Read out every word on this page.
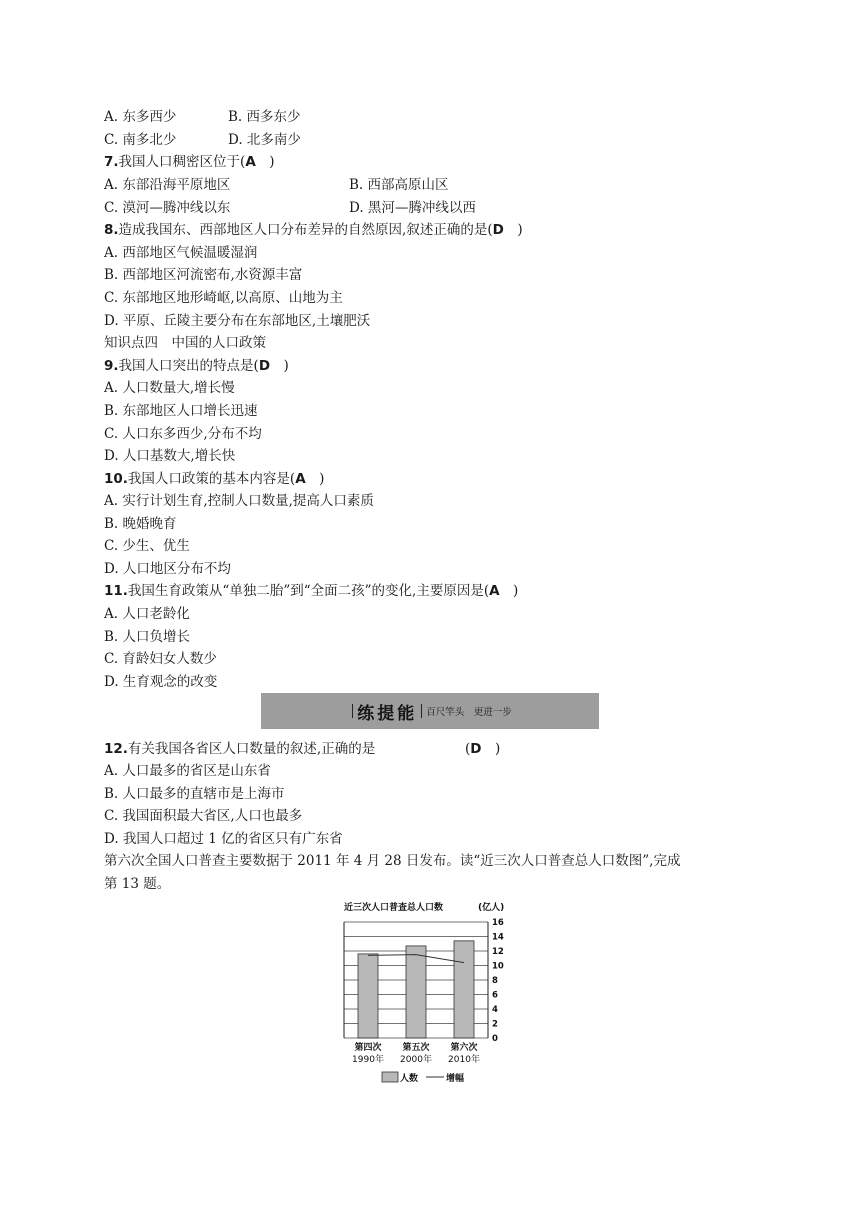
A. 东多西少	B. 西多东少
C. 南多北少	D. 北多南少
7.我国人口稠密区位于(A　 )
A. 东部沿海平原地区	B. 西部高原山区
C. 漠河—腾冲线以东	D. 黑河—腾冲线以西
8.造成我国东、西部地区人口分布差异的自然原因,叙述正确的是(D　 )
A. 西部地区气候温暖湿润
B. 西部地区河流密布,水资源丰富
C. 东部地区地形崎岖,以高原、山地为主
D. 平原、丘陵主要分布在东部地区,土壤肥沃
知识点四　中国的人口政策
9.我国人口突出的特点是(D　 )
A. 人口数量大,增长慢
B. 东部地区人口增长迅速
C. 人口东多西少,分布不均
D. 人口基数大,增长快
10.我国人口政策的基本内容是(A　 )
A. 实行计划生育,控制人口数量,提高人口素质
B. 晚婚晚育
C. 少生、优生
D. 人口地区分布不均
11.我国生育政策从“单独二胎”到“全面二孩”的变化,主要原因是(A　 )
A. 人口老龄化
B. 人口负增长
C. 育龄妇女人数少
D. 生育观念的改变
练提能 百尺竿头　更进一步
12.有关我国各省区人口数量的叙述,正确的是	(D　 )
A. 人口最多的省区是山东省
B. 人口最多的直辖市是上海市
C. 我国面积最大省区,人口也最多
D. 我国人口超过 1 亿的省区只有广东省
第六次全国人口普查主要数据于 2011 年 4 月 28 日发布。读“近三次人口普查总人口数图”,完成
第 13 题。
近三次人口普查总人口数	(亿人)
16
14
12
10
8
6
4
2
0
第四次
1990年
第五次
2000年
第六次
2010年
人数	增幅
